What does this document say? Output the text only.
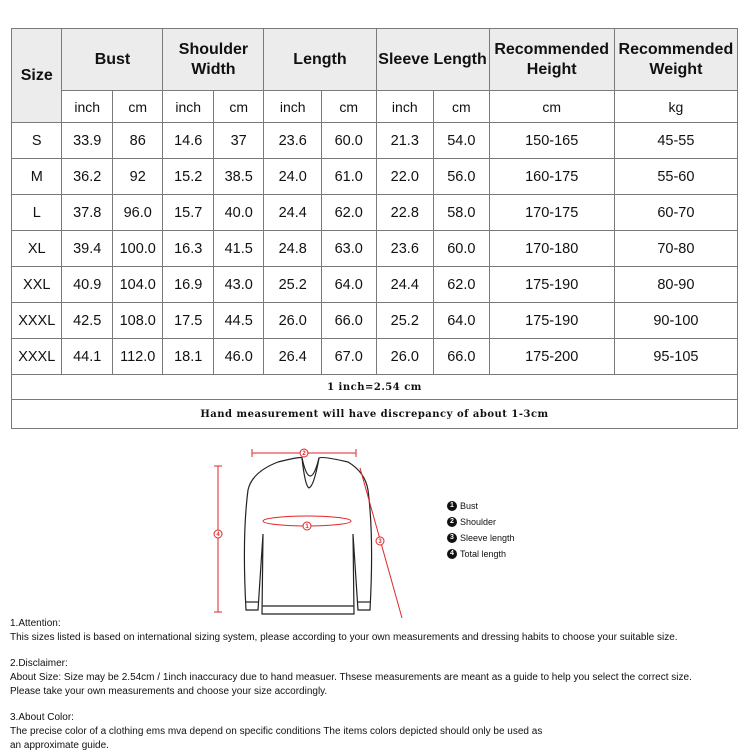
Size	Bust		Shoulder Width		Length		Sleeve Length		Recommended Height	Recommended Weight
	inch	cm	inch	cm	inch	cm	inch	cm	cm	kg
S	33.9	86	14.6	37	23.6	60.0	21.3	54.0	150-165	45-55
M	36.2	92	15.2	38.5	24.0	61.0	22.0	56.0	160-175	55-60
L	37.8	96.0	15.7	40.0	24.4	62.0	22.8	58.0	170-175	60-70
XL	39.4	100.0	16.3	41.5	24.8	63.0	23.6	60.0	170-180	70-80
XXL	40.9	104.0	16.9	43.0	25.2	64.0	24.4	62.0	175-190	80-90
XXXL	42.5	108.0	17.5	44.5	26.0	66.0	25.2	64.0	175-190	90-100
XXXL	44.1	112.0	18.1	46.0	26.4	67.0	26.0	66.0	175-200	95-105
1 inch=2.54 cm										
Hand measurement will have discrepancy of about 1-3cm										
2
1
4
3
1 Bust
2 Shoulder
3 Sleeve length
4 Total length

1.Attention:

This sizes listed is based on international sizing system, please according to your own measurements and dressing habits to choose your suitable size.

2.Disclaimer:

About Size: Size may be 2.54cm / 1inch inaccuracy due to hand measuer. Thsese measurements are meant as a guide to help you select the correct size.

Please take your own measurements and choose your size accordingly.

3.About Color:

The precise color of a clothing ems mva depend on specific conditions The items colors depicted should only be used as

an approximate guide.
